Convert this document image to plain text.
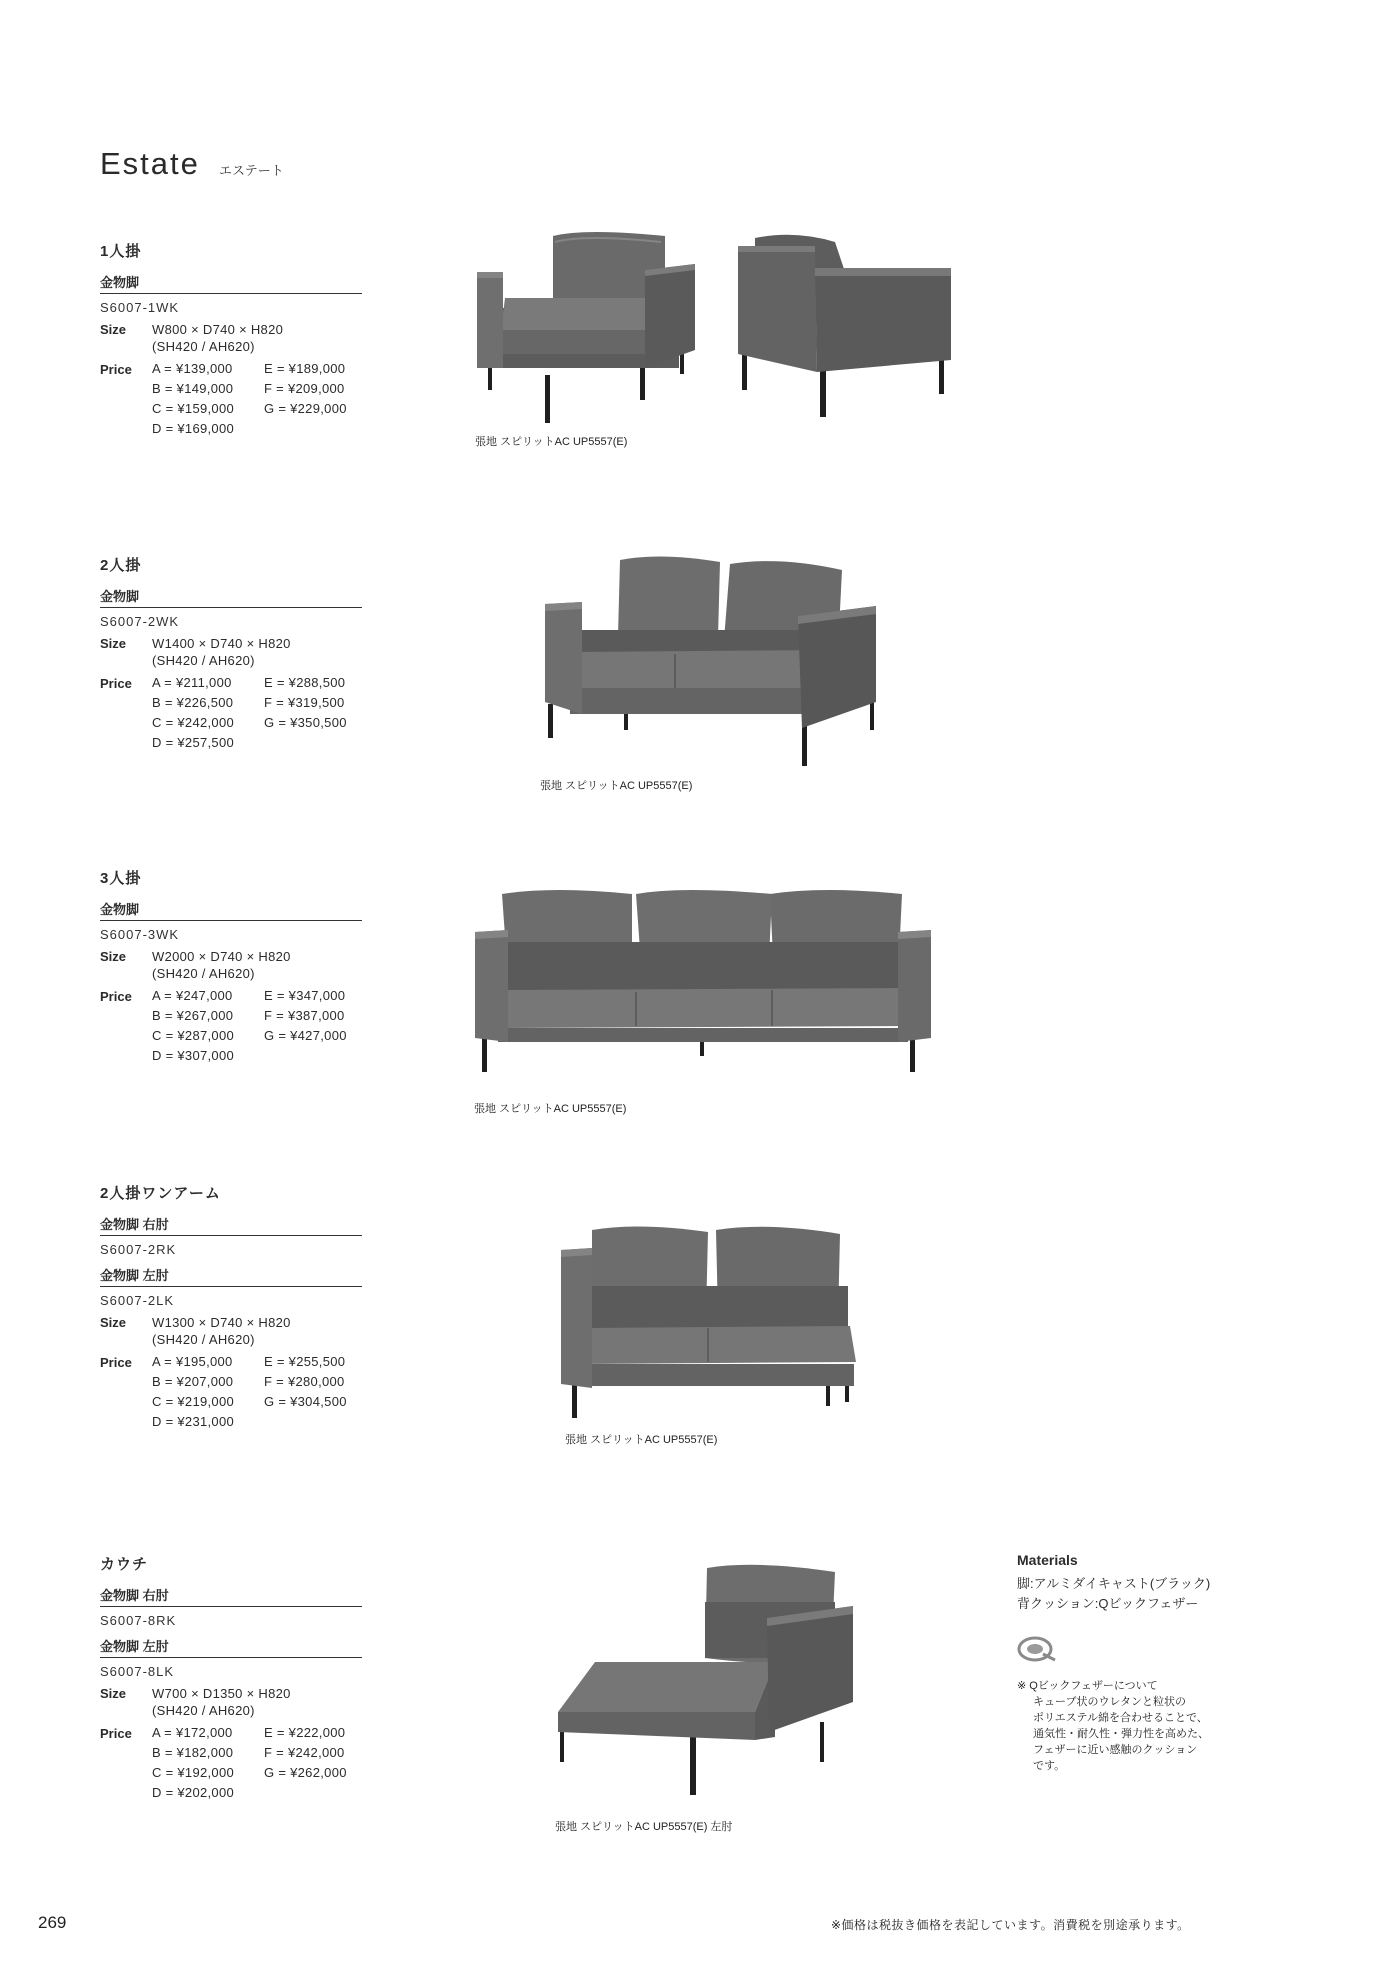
Estate エステート
1人掛
金物脚
S6007-1WK
Size	W800 × D740 × H820
(SH420 / AH620)
Price	A = ¥139,000	E = ¥189,000
B = ¥149,000	F = ¥209,000
C = ¥159,000	G = ¥229,000
D = ¥169,000
2人掛
金物脚
S6007-2WK
Size	W1400 × D740 × H820
(SH420 / AH620)
Price	A = ¥211,000	E = ¥288,500
B = ¥226,500	F = ¥319,500
C = ¥242,000	G = ¥350,500
D = ¥257,500
3人掛
金物脚
S6007-3WK
Size	W2000 × D740 × H820
(SH420 / AH620)
Price	A = ¥247,000	E = ¥347,000
B = ¥267,000	F = ¥387,000
C = ¥287,000	G = ¥427,000
D = ¥307,000
2人掛ワンアーム
金物脚 右肘
S6007-2RK
金物脚 左肘
S6007-2LK
Size	W1300 × D740 × H820
(SH420 / AH620)
Price	A = ¥195,000	E = ¥255,500
B = ¥207,000	F = ¥280,000
C = ¥219,000	G = ¥304,500
D = ¥231,000
カウチ
金物脚 右肘
S6007-8RK
金物脚 左肘
S6007-8LK
Size	W700 × D1350 × H820
(SH420 / AH620)
Price	A = ¥172,000	E = ¥222,000
B = ¥182,000	F = ¥242,000
C = ¥192,000	G = ¥262,000
D = ¥202,000
張地 スピリットAC UP5557(E)
張地 スピリットAC UP5557(E)
張地 スピリットAC UP5557(E)
張地 スピリットAC UP5557(E)
張地 スピリットAC UP5557(E) 左肘
Materials
脚:アルミダイキャスト(ブラック)
背クッション:Qビックフェザー
※ Qビックフェザーについて
キューブ状のウレタンと粒状の
ポリエステル綿を合わせることで、
通気性・耐久性・弾力性を高めた、
フェザーに近い感触のクッション
です。
269	※価格は税抜き価格を表記しています。消費税を別途承ります。
